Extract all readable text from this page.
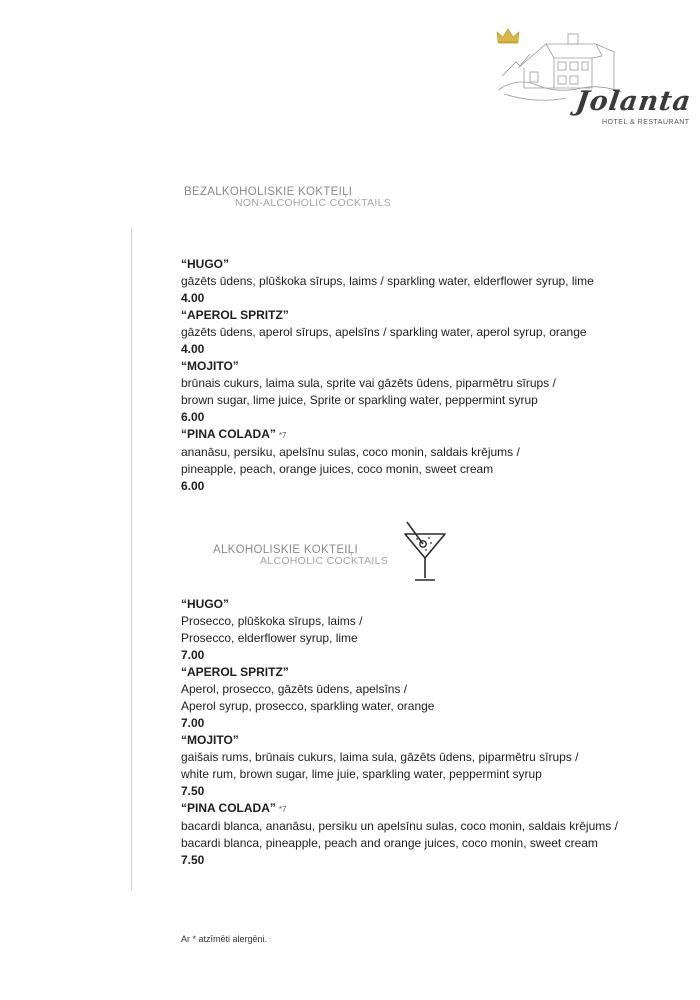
Jolanta
HOTEL & RESTAURANT
BEZALKOHOLISKIE KOKTEIĻI
NON-ALCOHOLIC COCKTAILS
“HUGO”
gāzēts ūdens, plūškoka sīrups, laims / sparkling water, elderflower syrup, lime
4.00
“APEROL SPRITZ”
gāzēts ūdens, aperol sīrups, apelsīns / sparkling water, aperol syrup, orange
4.00
“MOJITO”
brūnais cukurs, laima sula, sprite vai gāzēts ūdens, piparmētru sīrups /
brown sugar, lime juice, Sprite or sparkling water, peppermint syrup
6.00
“PINA COLADA” *7
ananāsu, persiku, apelsīnu sulas, coco monin, saldais krējums /
pineapple, peach, orange juices, coco monin, sweet cream
6.00
ALKOHOLISKIE KOKTEIĻI
ALCOHOLIC COCKTAILS
“HUGO”
Prosecco, plūškoka sīrups, laims /
Prosecco, elderflower syrup, lime
7.00
“APEROL SPRITZ”
Aperol, prosecco, gāzēts ūdens, apelsīns /
Aperol syrup, prosecco, sparkling water, orange
7.00
“MOJITO”
gaišais rums, brūnais cukurs, laima sula, gāzēts ūdens, piparmētru sīrups /
white rum, brown sugar, lime juie, sparkling water, peppermint syrup
7.50
“PINA COLADA” *7
bacardi blanca, ananāsu, persiku un apelsīnu sulas, coco monin, saldais krējums /
bacardi blanca, pineapple, peach and orange juices, coco monin, sweet cream
7.50
Ar * atzīmēti alergēni.
